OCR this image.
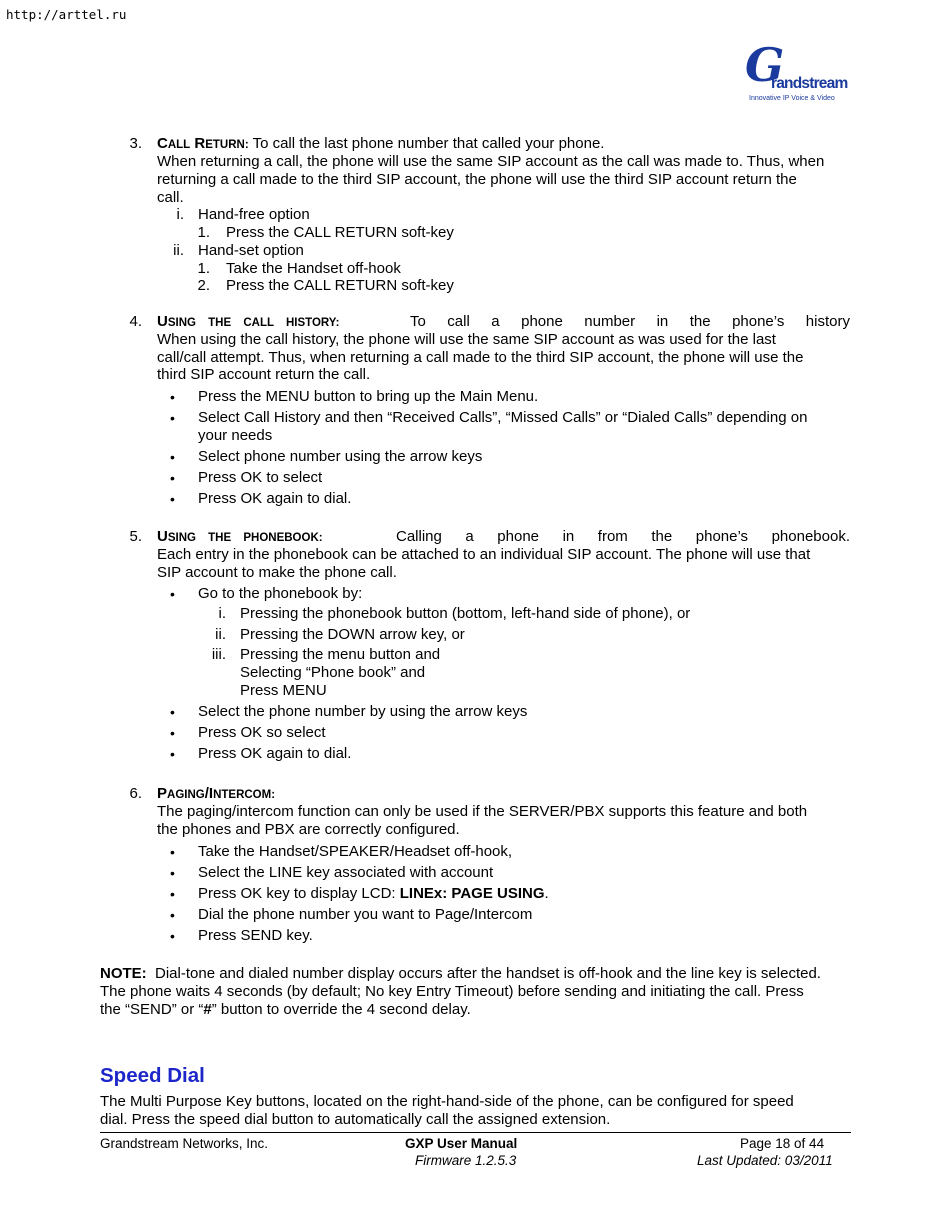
http://arttel.ru
G
randstream
Innovative IP Voice & Video
3. CALL RETURN: To call the last phone number that called your phone.
When returning a call, the phone will use the same SIP account as the call was made to. Thus, when
returning a call made to the third SIP account, the phone will use the third SIP account return the
call.
i. Hand-free option
1. Press the CALL RETURN soft-key
ii. Hand-set option
1. Take the Handset off-hook
2. Press the CALL RETURN soft-key
4. USING THE CALL HISTORY:	To call a phone number in the phone’s history
When using the call history, the phone will use the same SIP account as was used for the last
call/call attempt. Thus, when returning a call made to the third SIP account, the phone will use the
third SIP account return the call.
• Press the MENU button to bring up the Main Menu.
• Select Call History and then “Received Calls”, “Missed Calls” or “Dialed Calls” depending on
your needs
• Select phone number using the arrow keys
• Press OK to select
• Press OK again to dial.
5. USING THE PHONEBOOK:	Calling a phone in from the phone’s phonebook.
Each entry in the phonebook can be attached to an individual SIP account. The phone will use that
SIP account to make the phone call.
• Go to the phonebook by:
i. Pressing the phonebook button (bottom, left-hand side of phone), or
ii. Pressing the DOWN arrow key, or
iii. Pressing the menu button and
Selecting “Phone book” and
Press MENU
• Select the phone number by using the arrow keys
• Press OK so select
• Press OK again to dial.
6. PAGING/INTERCOM:
The paging/intercom function can only be used if the SERVER/PBX supports this feature and both
the phones and PBX are correctly configured.
• Take the Handset/SPEAKER/Headset off-hook,
• Select the LINE key associated with account
• Press OK key to display LCD: LINEx: PAGE USING.
• Dial the phone number you want to Page/Intercom
• Press SEND key.
NOTE: Dial-tone and dialed number display occurs after the handset is off-hook and the line key is selected.
The phone waits 4 seconds (by default; No key Entry Timeout) before sending and initiating the call. Press
the “SEND” or “#” button to override the 4 second delay.
Speed Dial
The Multi Purpose Key buttons, located on the right-hand-side of the phone, can be configured for speed
dial. Press the speed dial button to automatically call the assigned extension.
Grandstream Networks, Inc.	GXP User Manual
Firmware 1.2.5.3
Page 18 of 44
Last Updated: 03/2011
